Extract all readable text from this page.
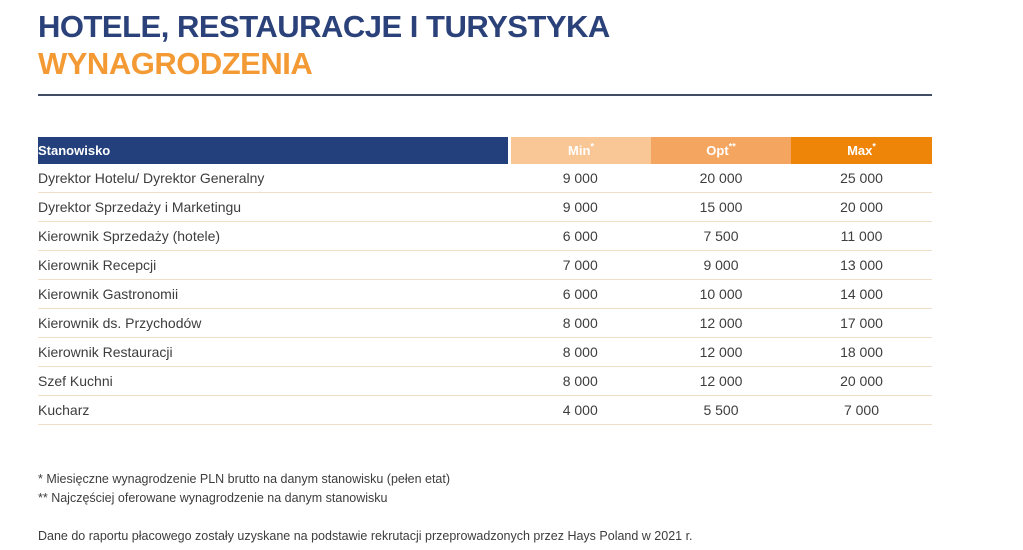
HOTELE, RESTAURACJE I TURYSTYKA
WYNAGRODZENIA
Stanowisko	Min*	Opt**	Max*
Dyrektor Hotelu/ Dyrektor Generalny	9 000	20 000	25 000
Dyrektor Sprzedaży i Marketingu	9 000	15 000	20 000
Kierownik Sprzedaży (hotele)	6 000	7 500	11 000
Kierownik Recepcji	7 000	9 000	13 000
Kierownik Gastronomii	6 000	10 000	14 000
Kierownik ds. Przychodów	8 000	12 000	17 000
Kierownik Restauracji	8 000	12 000	18 000
Szef Kuchni	8 000	12 000	20 000
Kucharz	4 000	5 500	7 000

* Miesięczne wynagrodzenie PLN brutto na danym stanowisku (pełen etat)

** Najczęściej oferowane wynagrodzenie na danym stanowisku

Dane do raportu płacowego zostały uzyskane na podstawie rekrutacji przeprowadzonych przez Hays Poland w 2021 r.
